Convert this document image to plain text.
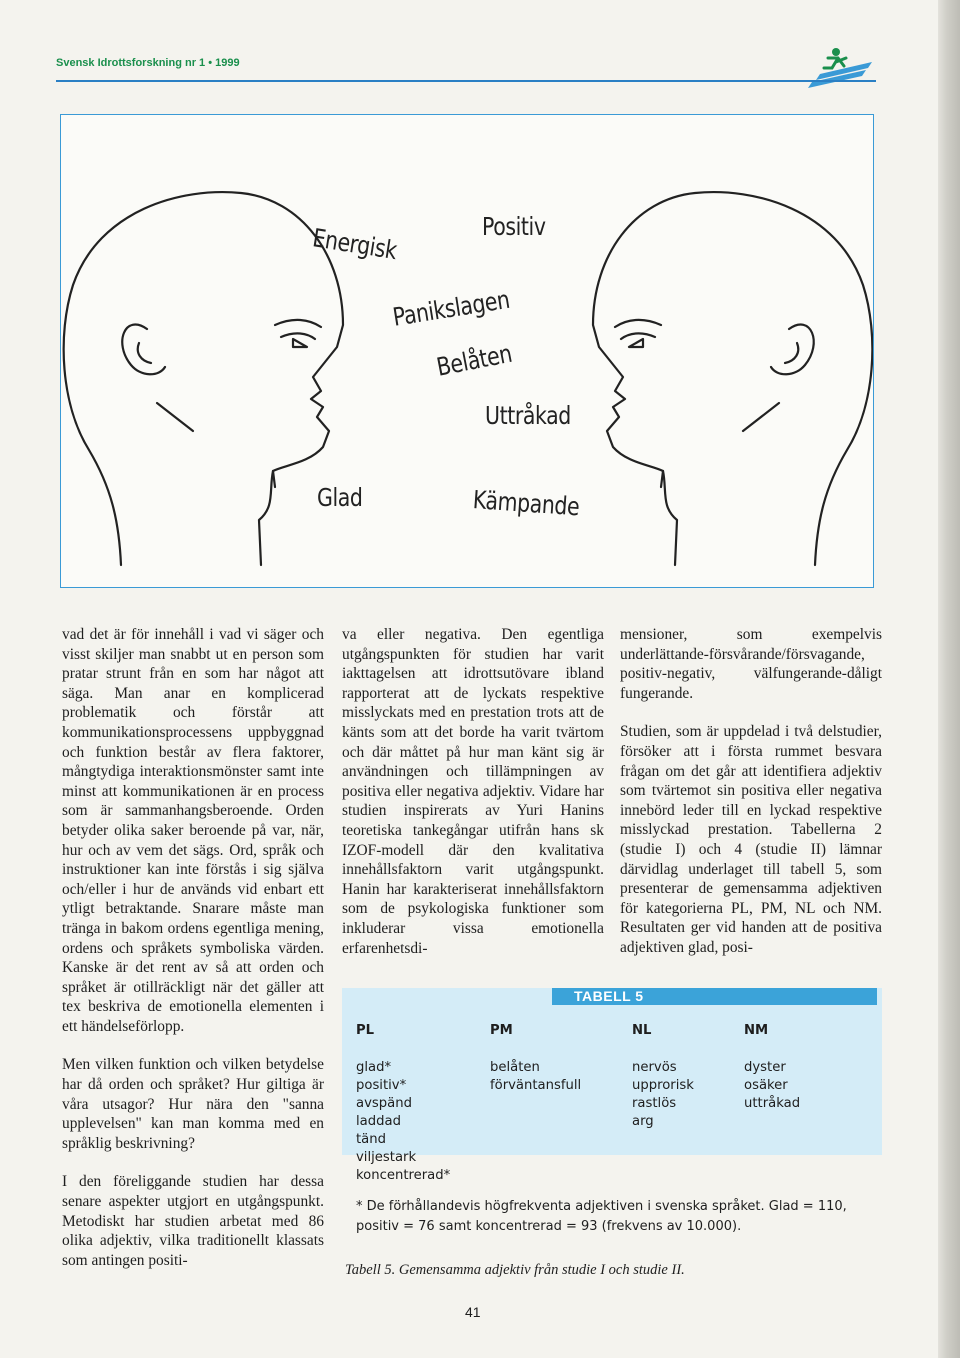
Svensk Idrottsforskning nr 1 • 1999
Energisk	Positiv
Panikslagen
Belåten
Uttråkad
Glad	Kämpande

vad det är för innehåll i vad vi säger och visst skiljer man snabbt ut en person som pratar strunt från en som har något att säga. Man anar en komplicerad problematik och förstår att kommunikationsprocessens uppbyggnad och funktion består av flera faktorer, mångtydiga interaktionsmönster samt inte minst att kommunikationen är en process som är sammanhangsberoende. Orden betyder olika saker beroende på var, när, hur och av vem det sägs. Ord, språk och instruktioner kan inte förstås i sig själva och/eller i hur de används vid enbart ett ytligt betraktande. Snarare måste man tränga in bakom ordens egentliga mening, ordens och språkets symboliska värden. Kanske är det rent av så att orden och språket är otillräckligt när det gäller att tex beskriva de emotionella elementen i ett händelseförlopp.

Men vilken funktion och vilken betydelse har då orden och språket? Hur giltiga är våra utsagor? Hur nära den "sanna upplevelsen" kan man komma med en språklig beskrivning?

I den föreliggande studien har dessa senare aspekter utgjort en utgångspunkt. Metodiskt har studien arbetat med 86 olika adjektiv, vilka traditionellt klassats som antingen positi-

va eller negativa. Den egentliga utgångspunkten för studien har varit iakttagelsen att idrottsutövare ibland rapporterat att de lyckats respektive misslyckats med en prestation trots att de känts som att det borde ha varit tvärtom och där måttet på hur man känt sig är användningen och tillämpningen av positiva eller negativa adjektiv. Vidare har studien inspirerats av Yuri Hanins teoretiska tankegångar utifrån hans sk IZOF-modell där den kvalitativa innehållsfaktorn varit utgångspunkt. Hanin har karakteriserat innehållsfaktorn som de psykologiska funktioner som inkluderar vissa emotionella erfarenhetsdi-

mensioner, som exempelvis underlättande-försvårande/försvagande, positiv-negativ, välfungerande-dåligt fungerande.

Studien, som är uppdelad i två delstudier, försöker att i första rummet besvara frågan om det går att identifiera adjektiv som tvärtemot sin positiva eller negativa innebörd leder till en lyckad respektive misslyckad prestation. Tabellerna 2 (studie I) och 4 (studie II) lämnar därvidlag underlaget till tabell 5, som presenterar de gemensamma adjektiven för kategorierna PL, PM, NL och NM. Resultaten ger vid handen att de positiva adjektiven glad, posi-

TABELL 5
PL
glad*
positiv*
avspänd
laddad
tänd
viljestark
koncentrerad*
PM
belåten
förväntansfull
NL
nervös
upprorisk
rastlös
arg
NM
dyster
osäker
uttråkad
* De förhållandevis högfrekventa adjektiven i svenska språket. Glad = 110, positiv = 76 samt koncentrerad = 93 (frekvens av 10.000).
Tabell 5. Gemensamma adjektiv från studie I och studie II.
41
